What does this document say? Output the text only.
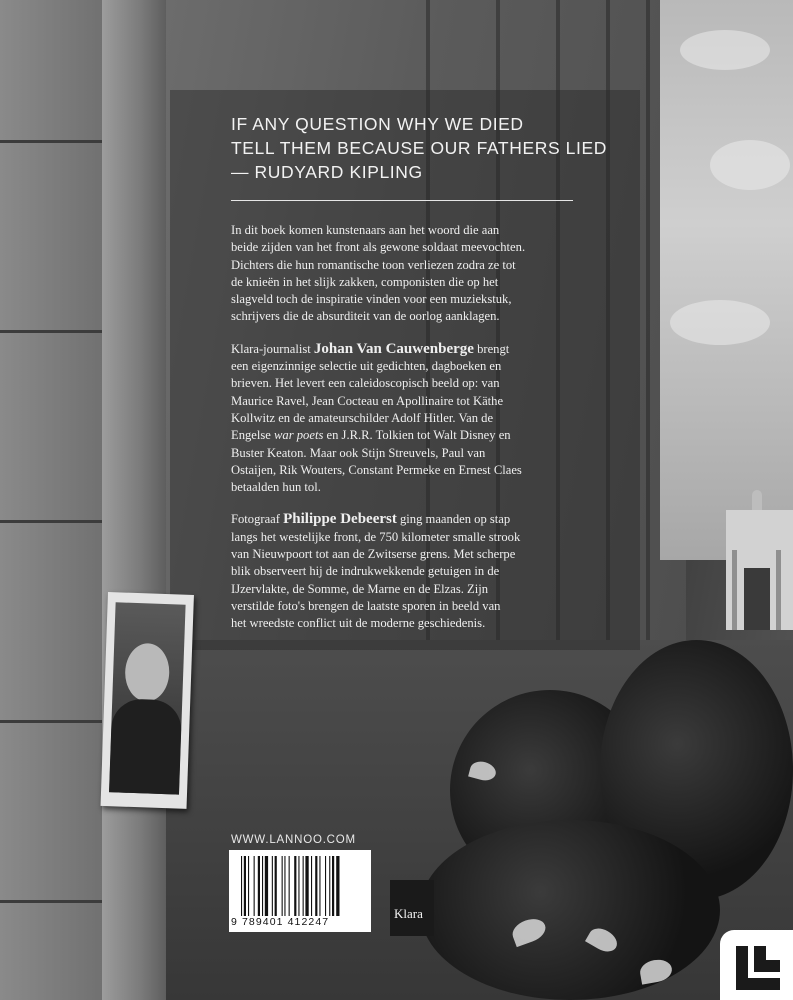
IF ANY QUESTION WHY WE DIED
TELL THEM BECAUSE OUR FATHERS LIED
— RUDYARD KIPLING

In dit boek komen kunstenaars aan het woord die aan
beide zijden van het front als gewone soldaat meevochten.
Dichters die hun romantische toon verliezen zodra ze tot
de knieën in het slijk zakken, componisten die op het
slagveld toch de inspiratie vinden voor een muziekstuk,
schrijvers die de absurditeit van de oorlog aanklagen.

Klara-journalist Johan Van Cauwenberge brengt
een eigenzinnige selectie uit gedichten, dagboeken en
brieven. Het levert een caleidoscopisch beeld op: van
Maurice Ravel, Jean Cocteau en Apollinaire tot Käthe
Kollwitz en de amateurschilder Adolf Hitler. Van de
Engelse war poets en J.R.R. Tolkien tot Walt Disney en
Buster Keaton. Maar ook Stijn Streuvels, Paul van
Ostaijen, Rik Wouters, Constant Permeke en Ernest Claes
betaalden hun tol.

Fotograaf Philippe Debeerst ging maanden op stap
langs het westelijke front, de 750 kilometer smalle strook
van Nieuwpoort tot aan de Zwitserse grens. Met scherpe
blik observeert hij de indrukwekkende getuigen in de
IJzervlakte, de Somme, de Marne en de Elzas. Zijn
verstilde foto's brengen de laatste sporen in beeld van
het wreedste conflict uit de moderne geschiedenis.

WWW.LANNOO.COM
9 789401 412247
Klara
